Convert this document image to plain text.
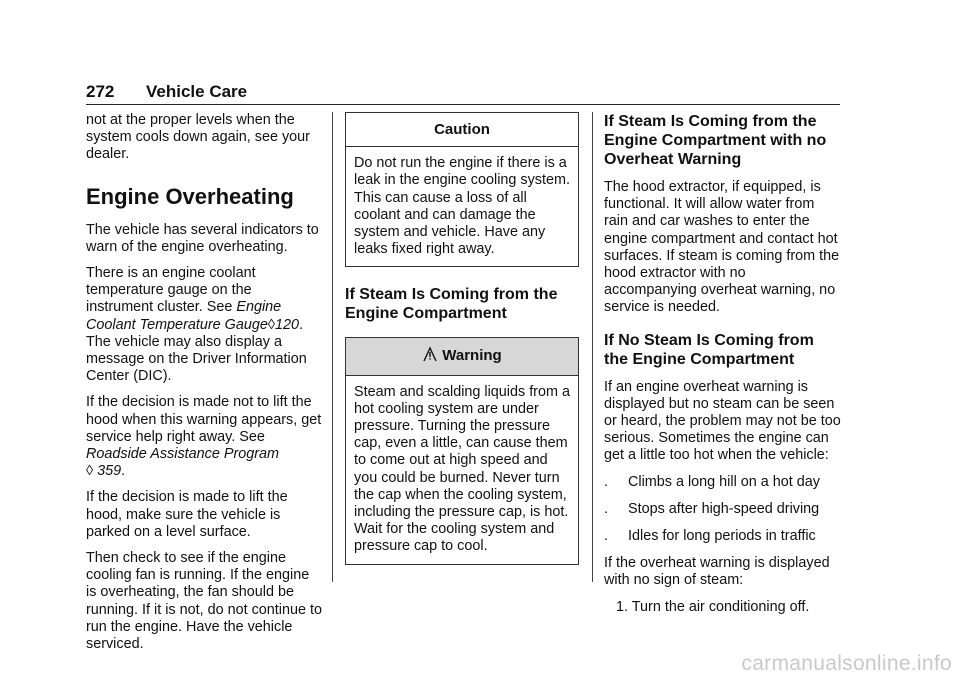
272 Vehicle Care

not at the proper levels when the system cools down again, see your dealer.

Engine Overheating

The vehicle has several indicators to warn of the engine overheating.

There is an engine coolant temperature gauge on the instrument cluster. See Engine Coolant Temperature Gauge◊120. The vehicle may also display a message on the Driver Information Center (DIC).

If the decision is made not to lift the hood when this warning appears, get service help right away. See Roadside Assistance Program
◊ 359.

If the decision is made to lift the hood, make sure the vehicle is parked on a level surface.

Then check to see if the engine cooling fan is running. If the engine is overheating, the fan should be running. If it is not, do not continue to run the engine. Have the vehicle serviced.

Caution
Do not run the engine if there is a leak in the engine cooling system. This can cause a loss of all coolant and can damage the system and vehicle. Have any leaks fixed right away.
If Steam Is Coming from the Engine Compartment
Warning
Steam and scalding liquids from a hot cooling system are under pressure. Turning the pressure cap, even a little, can cause them to come out at high speed and you could be burned. Never turn the cap when the cooling system, including the pressure cap, is hot. Wait for the cooling system and pressure cap to cool.
If Steam Is Coming from the Engine Compartment with no Overheat Warning

The hood extractor, if equipped, is functional. It will allow water from rain and car washes to enter the engine compartment and contact hot surfaces. If steam is coming from the hood extractor with no accompanying overheat warning, no service is needed.

If No Steam Is Coming from the Engine Compartment

If an engine overheat warning is displayed but no steam can be seen or heard, the problem may not be too serious. Sometimes the engine can get a little too hot when the vehicle:

. Climbs a long hill on a hot day
. Stops after high-speed driving
. Idles for long periods in traffic

If the overheat warning is displayed with no sign of steam:

1. Turn the air conditioning off.
carmanualsonline.info
